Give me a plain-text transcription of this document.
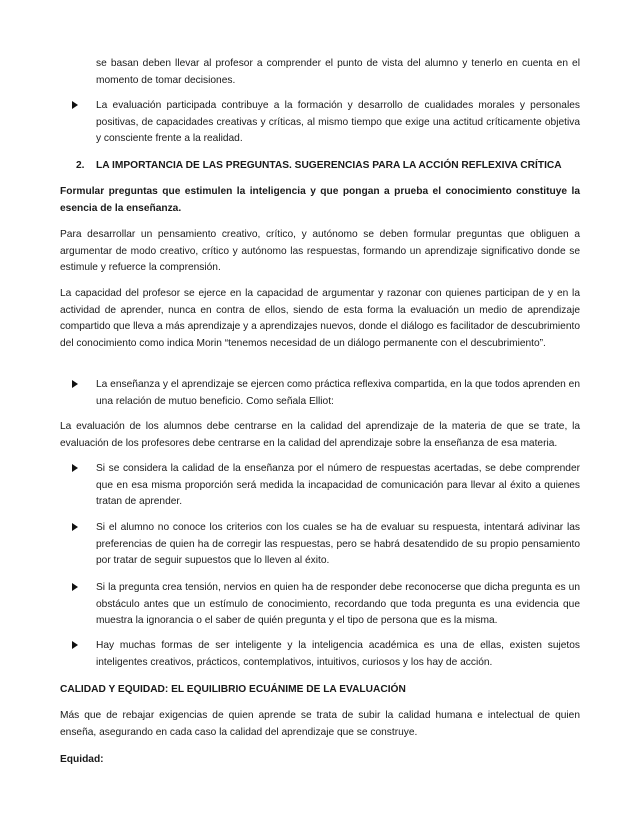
se basan deben llevar al profesor a comprender el punto de vista del alumno y tenerlo en cuenta en el momento de tomar decisiones.
La evaluación participada contribuye a la formación y desarrollo de cualidades morales y personales positivas, de capacidades creativas y críticas, al mismo tiempo que exige una actitud críticamente objetiva y consciente frente a la realidad.
2. LA IMPORTANCIA DE LAS PREGUNTAS. SUGERENCIAS PARA LA ACCIÓN REFLEXIVA CRÍTICA
Formular preguntas que estimulen la inteligencia y que pongan a prueba el conocimiento constituye la esencia de la enseñanza.
Para desarrollar un pensamiento creativo, crítico, y autónomo se deben formular preguntas que obliguen a argumentar de modo creativo, crítico y autónomo las respuestas, formando un aprendizaje significativo donde se estimule y refuerce la comprensión.
La capacidad del profesor se ejerce en la capacidad de argumentar y razonar con quienes participan de y en la actividad de aprender, nunca en contra de ellos, siendo de esta forma la evaluación un medio de aprendizaje compartido que lleva a más aprendizaje y a aprendizajes nuevos, donde el diálogo es facilitador de descubrimiento del conocimiento como indica Morin “tenemos necesidad de un diálogo permanente con el descubrimiento”.
La enseñanza y el aprendizaje se ejercen como práctica reflexiva compartida, en la que todos aprenden en una relación de mutuo beneficio. Como señala Elliot:
La evaluación de los alumnos debe centrarse en la calidad del aprendizaje de la materia de que se trate, la evaluación de los profesores debe centrarse en la calidad del aprendizaje sobre la enseñanza de esa materia.
Si se considera la calidad de la enseñanza por el número de respuestas acertadas, se debe comprender que en esa misma proporción será medida la incapacidad de comunicación para llevar al éxito a quienes tratan de aprender.
Si el alumno no conoce los criterios con los cuales se ha de evaluar su respuesta, intentará adivinar las preferencias de quien ha de corregir las respuestas, pero se habrá desatendido de su propio pensamiento por tratar de seguir supuestos que lo lleven al éxito.
Si la pregunta crea tensión, nervios en quien ha de responder debe reconocerse que dicha pregunta es un obstáculo antes que un estímulo de conocimiento, recordando que toda pregunta es una evidencia que muestra la ignorancia o el saber de quién pregunta y el tipo de persona que es la misma.
Hay muchas formas de ser inteligente y la inteligencia académica es una de ellas, existen sujetos inteligentes creativos, prácticos, contemplativos, intuitivos, curiosos y los hay de acción.
CALIDAD Y EQUIDAD: EL EQUILIBRIO ECUÁNIME DE LA EVALUACIÓN
Más que de rebajar exigencias de quien aprende se trata de subir la calidad humana e intelectual de quien enseña, asegurando en cada caso la calidad del aprendizaje que se construye.
Equidad:
